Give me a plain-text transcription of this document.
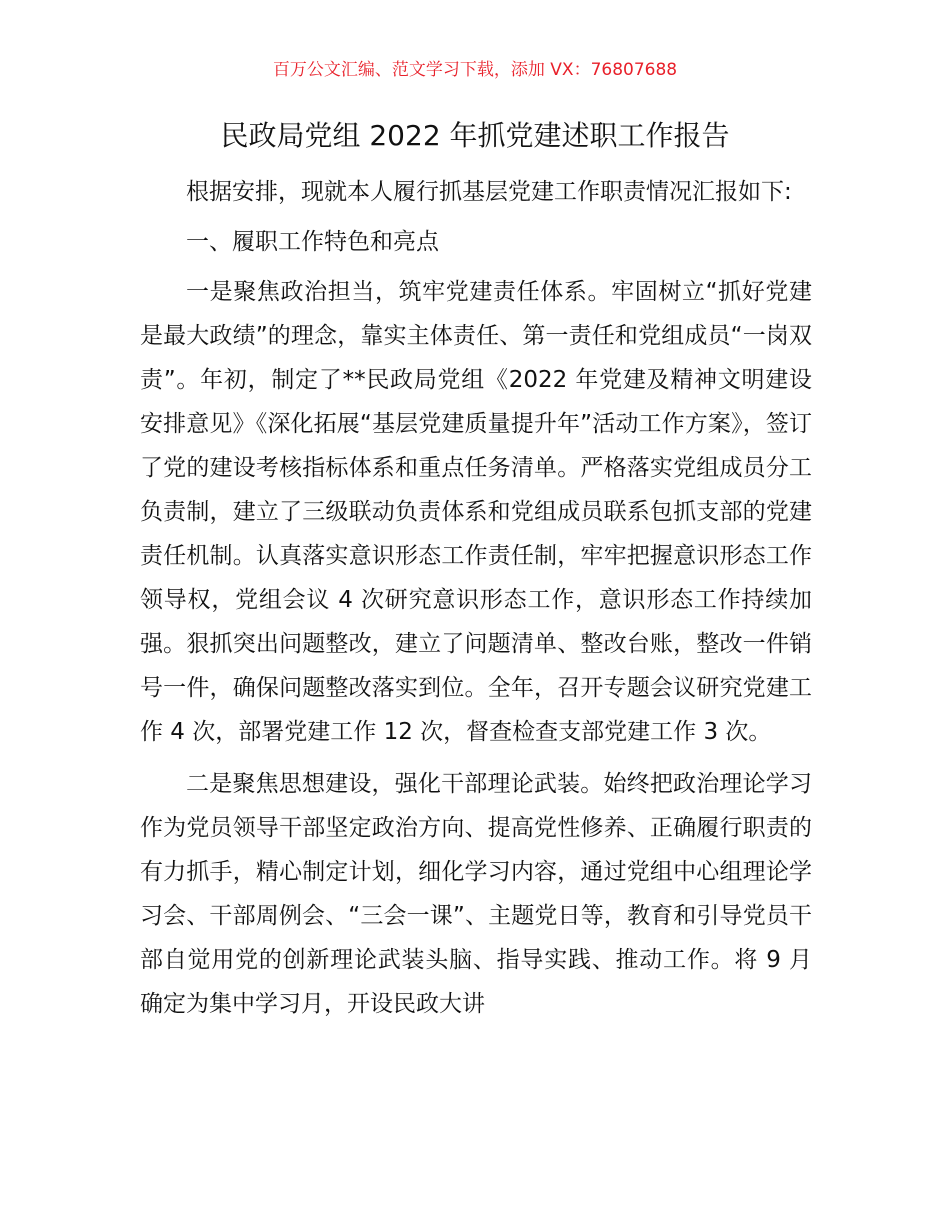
百万公文汇编、范文学习下载，添加 VX：76807688
民政局党组 2022 年抓党建述职工作报告

根据安排，现就本人履行抓基层党建工作职责情况汇报如下:

一、履职工作特色和亮点

一是聚焦政治担当，筑牢党建责任体系。牢固树立“抓好党建是最大政绩”的理念，靠实主体责任、第一责任和党组成员“一岗双责”。年初，制定了**民政局党组《2022 年党建及精神文明建设安排意见》《深化拓展“基层党建质量提升年”活动工作方案》，签订了党的建设考核指标体系和重点任务清单。严格落实党组成员分工负责制，建立了三级联动负责体系和党组成员联系包抓支部的党建责任机制。认真落实意识形态工作责任制，牢牢把握意识形态工作领导权，党组会议 4 次研究意识形态工作，意识形态工作持续加强。狠抓突出问题整改，建立了问题清单、整改台账，整改一件销号一件，确保问题整改落实到位。全年，召开专题会议研究党建工作 4 次，部署党建工作 12 次，督查检查支部党建工作 3 次。

二是聚焦思想建设，强化干部理论武装。始终把政治理论学习作为党员领导干部坚定政治方向、提高党性修养、正确履行职责的有力抓手，精心制定计划，细化学习内容，通过党组中心组理论学习会、干部周例会、“三会一课”、主题党日等，教育和引导党员干部自觉用党的创新理论武装头脑、指导实践、推动工作。将 9 月确定为集中学习月，开设民政大讲
